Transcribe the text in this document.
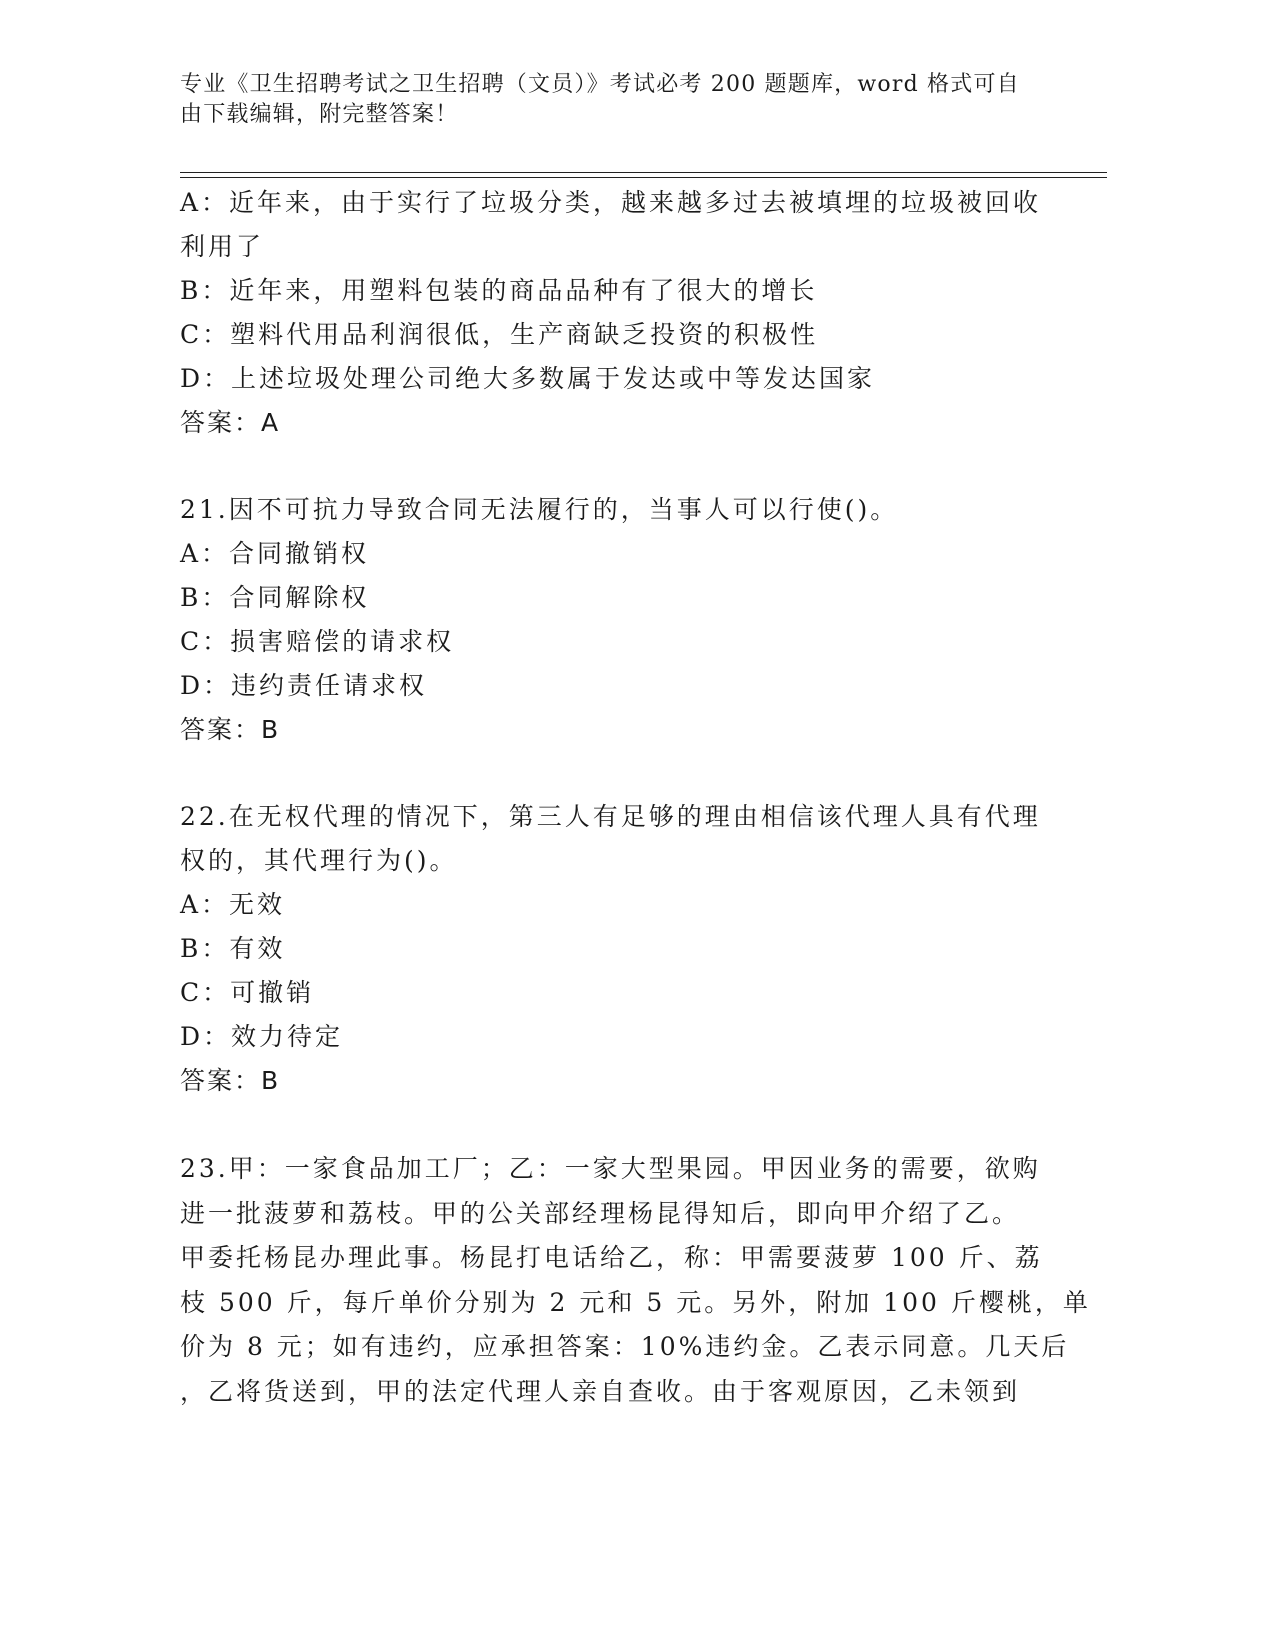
专业《卫生招聘考试之卫生招聘（文员）》考试必考 200 题题库，word 格式可自
由下载编辑，附完整答案！
A：近年来，由于实行了垃圾分类，越来越多过去被填埋的垃圾被回收
利用了
B：近年来，用塑料包装的商品品种有了很大的增长
C：塑料代用品利润很低，生产商缺乏投资的积极性
D：上述垃圾处理公司绝大多数属于发达或中等发达国家
答案：A
21.因不可抗力导致合同无法履行的，当事人可以行使()。
A：合同撤销权
B：合同解除权
C：损害赔偿的请求权
D：违约责任请求权
答案：B
22.在无权代理的情况下，第三人有足够的理由相信该代理人具有代理
权的，其代理行为()。
A：无效
B：有效
C：可撤销
D：效力待定
答案：B
23.甲：一家食品加工厂；乙：一家大型果园。甲因业务的需要，欲购
进一批菠萝和荔枝。甲的公关部经理杨昆得知后，即向甲介绍了乙。
甲委托杨昆办理此事。杨昆打电话给乙，称：甲需要菠萝 100 斤、荔
枝 500 斤，每斤单价分别为 2 元和 5 元。另外，附加 100 斤樱桃，单
价为 8 元；如有违约，应承担答案：10%违约金。乙表示同意。几天后
，乙将货送到，甲的法定代理人亲自查收。由于客观原因，乙未领到
